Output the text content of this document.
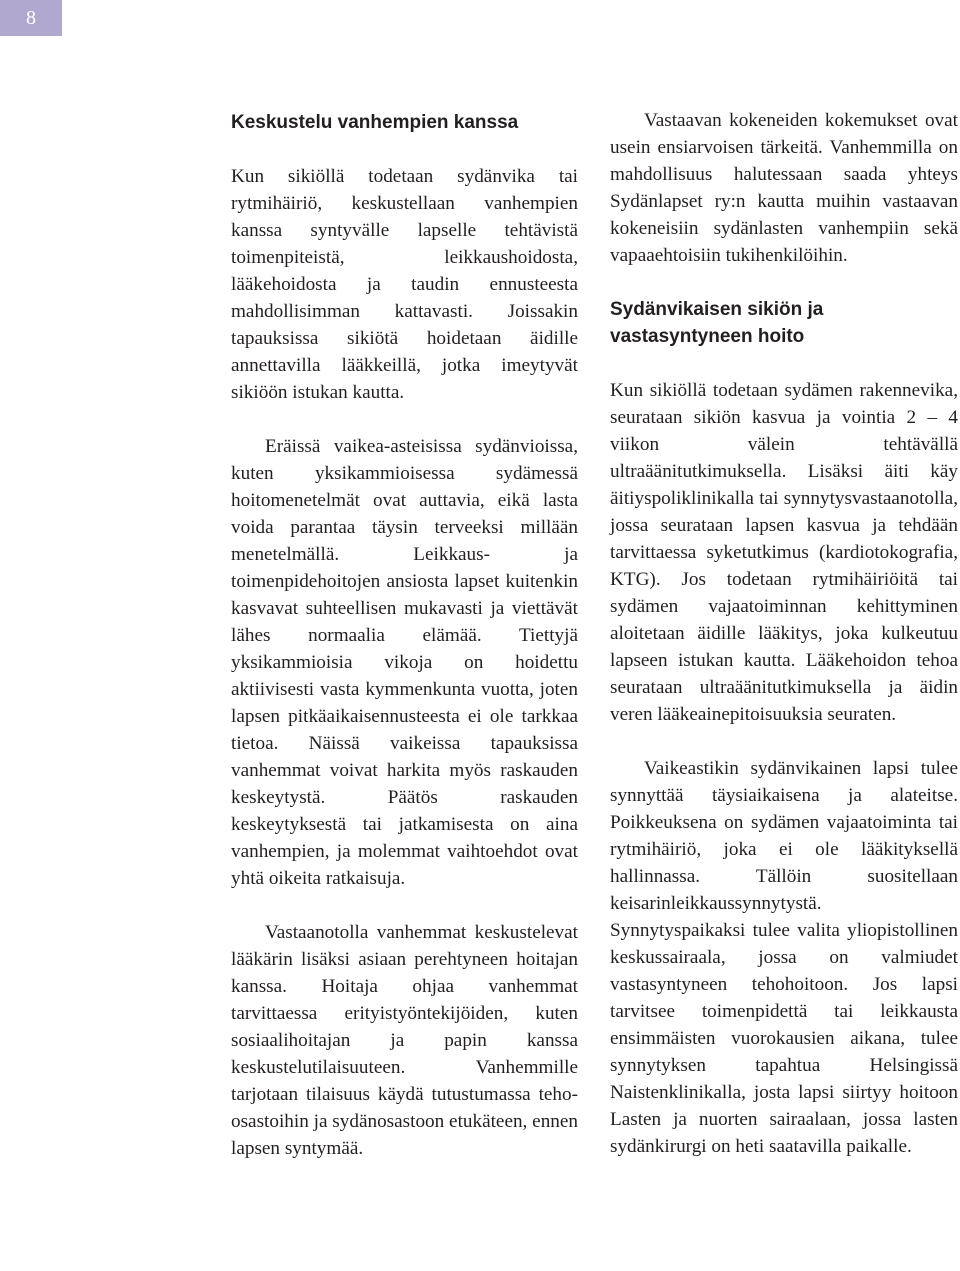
8
Keskustelu vanhempien kanssa

Kun sikiöllä todetaan sydänvika tai rytmihäiriö, keskustellaan vanhempien kanssa syntyvälle lapselle tehtävistä toimenpiteistä, leikkaushoidosta, lääkehoidosta ja taudin ennusteesta mahdollisimman kattavasti. Joissakin tapauksissa sikiötä hoidetaan äidille annettavilla lääkkeillä, jotka imeytyvät sikiöön istukan kautta.

Eräissä vaikea-asteisissa sydänvioissa, kuten yksikammioisessa sydämessä hoitomenetelmät ovat auttavia, eikä lasta voida parantaa täysin terveeksi millään menetelmällä. Leikkaus- ja toimenpidehoitojen ansiosta lapset kuitenkin kasvavat suhteellisen mukavasti ja viettävät lähes normaalia elämää. Tiettyjä yksikammioisia vikoja on hoidettu aktiivisesti vasta kymmenkunta vuotta, joten lapsen pitkäaikaisennusteesta ei ole tarkkaa tietoa. Näissä vaikeissa tapauksissa vanhemmat voivat harkita myös raskauden keskeytystä. Päätös raskauden keskeytyksestä tai jatkamisesta on aina vanhempien, ja molemmat vaihtoehdot ovat yhtä oikeita ratkaisuja.

Vastaanotolla vanhemmat keskustelevat lääkärin lisäksi asiaan perehtyneen hoitajan kanssa. Hoitaja ohjaa vanhemmat tarvittaessa erityistyöntekijöiden, kuten sosiaalihoitajan ja papin kanssa keskustelutilaisuuteen. Vanhemmille tarjotaan tilaisuus käydä tutustumassa teho-osastoihin ja sydänosastoon etukäteen, ennen lapsen syntymää.

Vastaavan kokeneiden kokemukset ovat usein ensiarvoisen tärkeitä. Vanhemmilla on mahdollisuus halutessaan saada yhteys Sydänlapset ry:n kautta muihin vastaavan kokeneisiin sydänlasten vanhempiin sekä vapaaehtoisiin tukihenkilöihin.

Sydänvikaisen sikiön ja vastasyntyneen hoito

Kun sikiöllä todetaan sydämen rakennevika, seurataan sikiön kasvua ja vointia 2 – 4 viikon välein tehtävällä ultraäänitutkimuksella. Lisäksi äiti käy äitiyspoliklinikalla tai synnytysvastaanotolla, jossa seurataan lapsen kasvua ja tehdään tarvittaessa syketutkimus (kardiotokografia, KTG). Jos todetaan rytmihäiriöitä tai sydämen vajaatoiminnan kehittyminen aloitetaan äidille lääkitys, joka kulkeutuu lapseen istukan kautta. Lääkehoidon tehoa seurataan ultraäänitutkimuksella ja äidin veren lääkeainepitoisuuksia seuraten.

Vaikeastikin sydänvikainen lapsi tulee synnyttää täysiaikaisena ja alateitse. Poikkeuksena on sydämen vajaatoiminta tai rytmihäiriö, joka ei ole lääkityksellä hallinnassa. Tällöin suositellaan keisarinleikkaussynnytystä. Synnytyspaikaksi tulee valita yliopistollinen keskussairaala, jossa on valmiudet vastasyntyneen tehohoitoon. Jos lapsi tarvitsee toimenpidettä tai leikkausta ensimmäisten vuorokausien aikana, tulee synnytyksen tapahtua Helsingissä Naistenklinikalla, josta lapsi siirtyy hoitoon Lasten ja nuorten sairaalaan, jossa lasten sydänkirurgi on heti saatavilla paikalle.
